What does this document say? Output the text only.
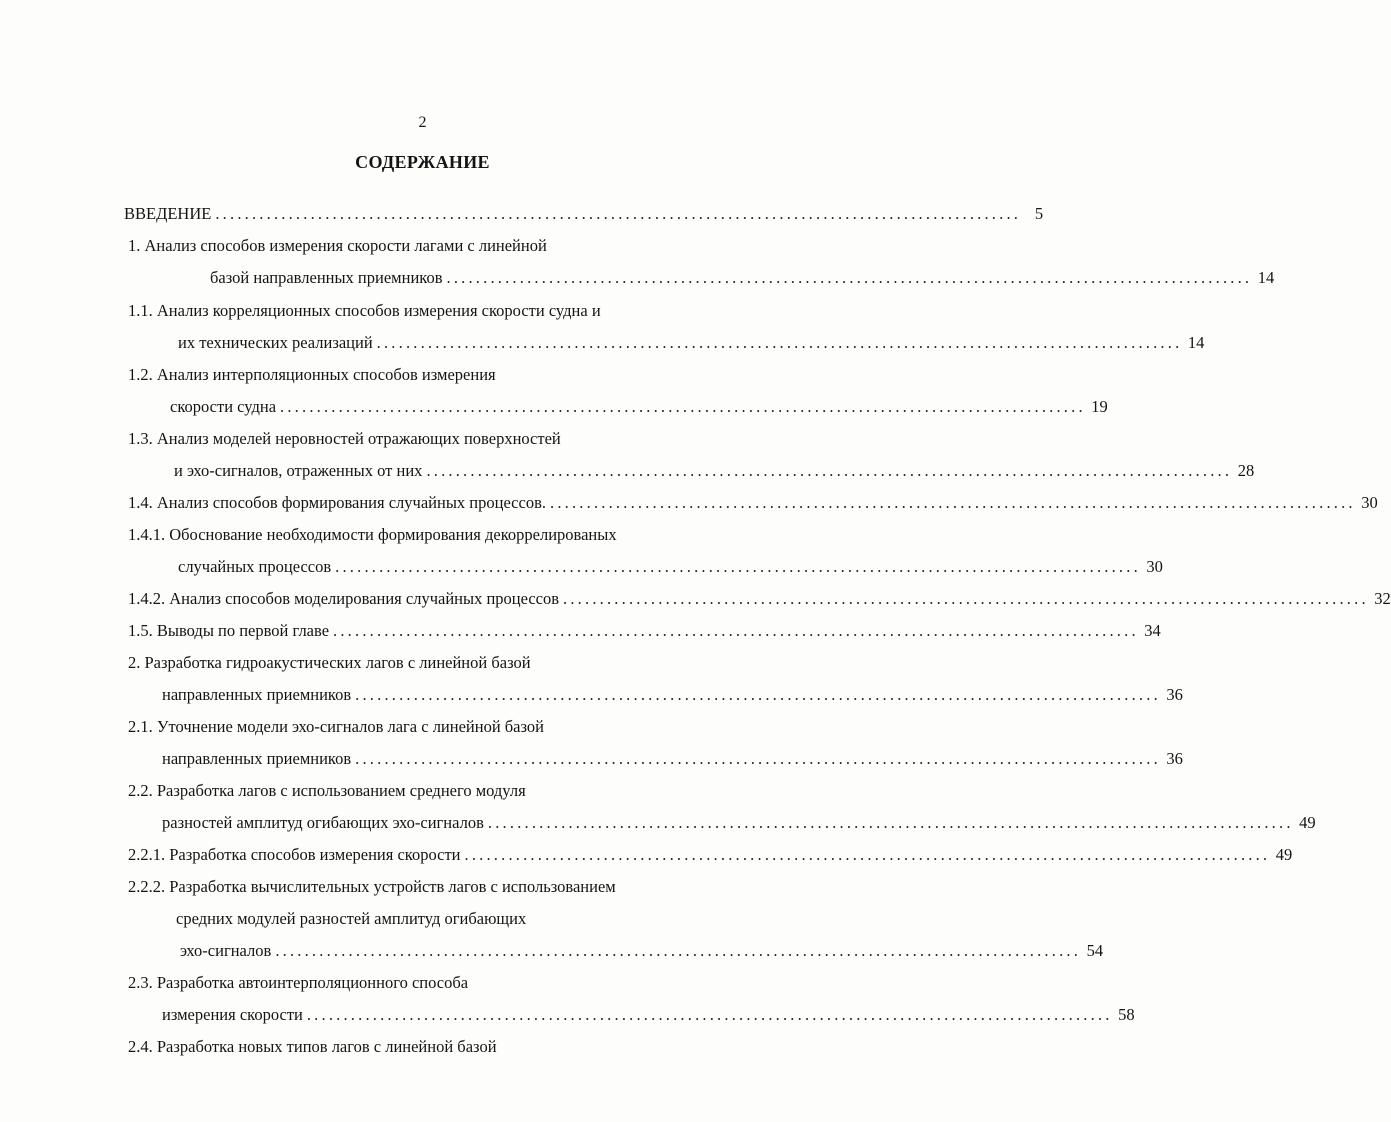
2
СОДЕРЖАНИЕ
ВВЕДЕНИЕ .............................................................................................................. 5
1. Анализ способов измерения скорости лагами с линейной
базой направленных приемников .............................................................................................................. 14
1.1. Анализ корреляционных способов измерения скорости судна и
их технических реализаций .............................................................................................................. 14
1.2. Анализ интерполяционных способов измерения
скорости судна .............................................................................................................. 19
1.3. Анализ моделей неровностей отражающих поверхностей
и эхо-сигналов, отраженных от них .............................................................................................................. 28
1.4. Анализ способов формирования случайных процессов. .............................................................................................................. 30
1.4.1. Обоснование необходимости формирования декоррелированых
случайных процессов .............................................................................................................. 30
1.4.2. Анализ способов моделирования случайных процессов .............................................................................................................. 32
1.5. Выводы по первой главе .............................................................................................................. 34
2. Разработка гидроакустических лагов с линейной базой
направленных приемников .............................................................................................................. 36
2.1. Уточнение модели эхо-сигналов лага с линейной базой
направленных приемников .............................................................................................................. 36
2.2. Разработка лагов с использованием среднего модуля
разностей амплитуд огибающих эхо-сигналов .............................................................................................................. 49
2.2.1. Разработка способов измерения скорости .............................................................................................................. 49
2.2.2. Разработка вычислительных устройств лагов с использованием
средних модулей разностей амплитуд огибающих
эхо-сигналов .............................................................................................................. 54
2.3. Разработка автоинтерполяционного способа
измерения скорости .............................................................................................................. 58
2.4. Разработка новых типов лагов с линейной базой
